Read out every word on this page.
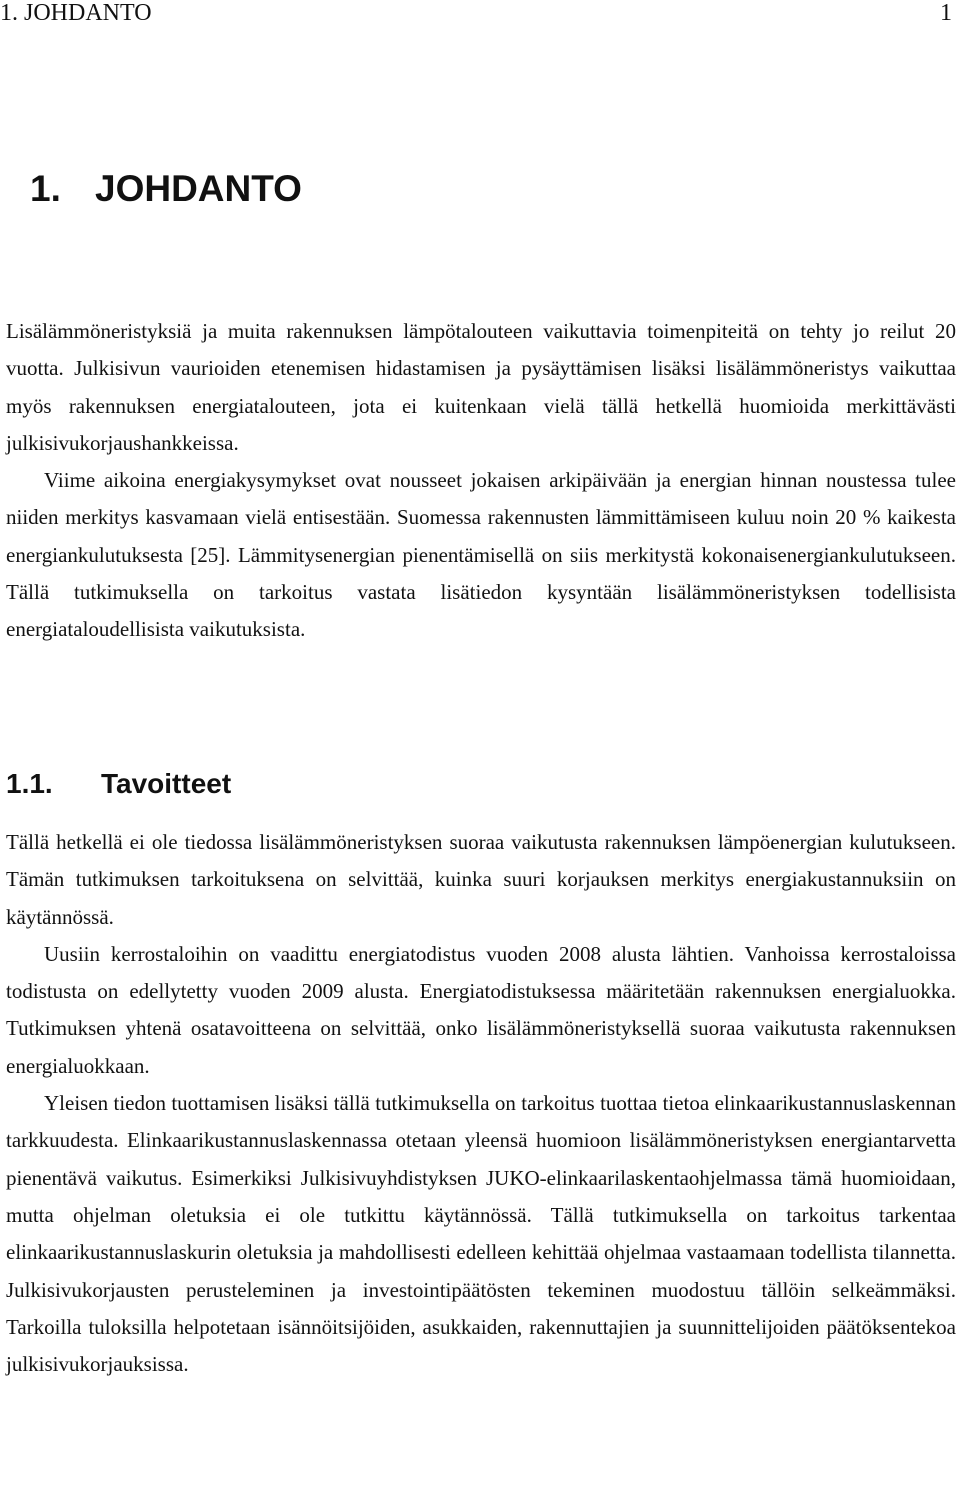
1. JOHDANTO	1
1. JOHDANTO

Lisälämmöneristyksiä ja muita rakennuksen lämpötalouteen vaikuttavia toimenpiteitä on tehty jo reilut 20 vuotta. Julkisivun vaurioiden etenemisen hidastamisen ja pysäyttämisen lisäksi lisälämmöneristys vaikuttaa myös rakennuksen energiatalouteen, jota ei kuitenkaan vielä tällä hetkellä huomioida merkittävästi julkisivukorjaushankkeissa.

Viime aikoina energiakysymykset ovat nousseet jokaisen arkipäivään ja energian hinnan noustessa tulee niiden merkitys kasvamaan vielä entisestään. Suomessa rakennusten lämmittämiseen kuluu noin 20 % kaikesta energiankulutuksesta [25]. Lämmitysenergian pienentämisellä on siis merkitystä kokonaisenergiankulutukseen. Tällä tutkimuksella on tarkoitus vastata lisätiedon kysyntään lisälämmöneristyksen todellisista energiataloudellisista vaikutuksista.

1.1. Tavoitteet

Tällä hetkellä ei ole tiedossa lisälämmöneristyksen suoraa vaikutusta rakennuksen lämpöenergian kulutukseen. Tämän tutkimuksen tarkoituksena on selvittää, kuinka suuri korjauksen merkitys energiakustannuksiin on käytännössä.

Uusiin kerrostaloihin on vaadittu energiatodistus vuoden 2008 alusta lähtien. Vanhoissa kerrostaloissa todistusta on edellytetty vuoden 2009 alusta. Energiatodistuksessa määritetään rakennuksen energialuokka. Tutkimuksen yhtenä osatavoitteena on selvittää, onko lisälämmöneristyksellä suoraa vaikutusta rakennuksen energialuokkaan.

Yleisen tiedon tuottamisen lisäksi tällä tutkimuksella on tarkoitus tuottaa tietoa elinkaarikustannuslaskennan tarkkuudesta. Elinkaarikustannuslaskennassa otetaan yleensä huomioon lisälämmöneristyksen energiantarvetta pienentävä vaikutus. Esimerkiksi Julkisivuyhdistyksen JUKO-elinkaarilaskentaohjelmassa tämä huomioidaan, mutta ohjelman oletuksia ei ole tutkittu käytännössä. Tällä tutkimuksella on tarkoitus tarkentaa elinkaarikustannuslaskurin oletuksia ja mahdollisesti edelleen kehittää ohjelmaa vastaamaan todellista tilannetta. Julkisivukorjausten perusteleminen ja investointipäätösten tekeminen muodostuu tällöin selkeämmäksi. Tarkoilla tuloksilla helpotetaan isännöitsijöiden, asukkaiden, rakennuttajien ja suunnittelijoiden päätöksentekoa julkisivukorjauksissa.
